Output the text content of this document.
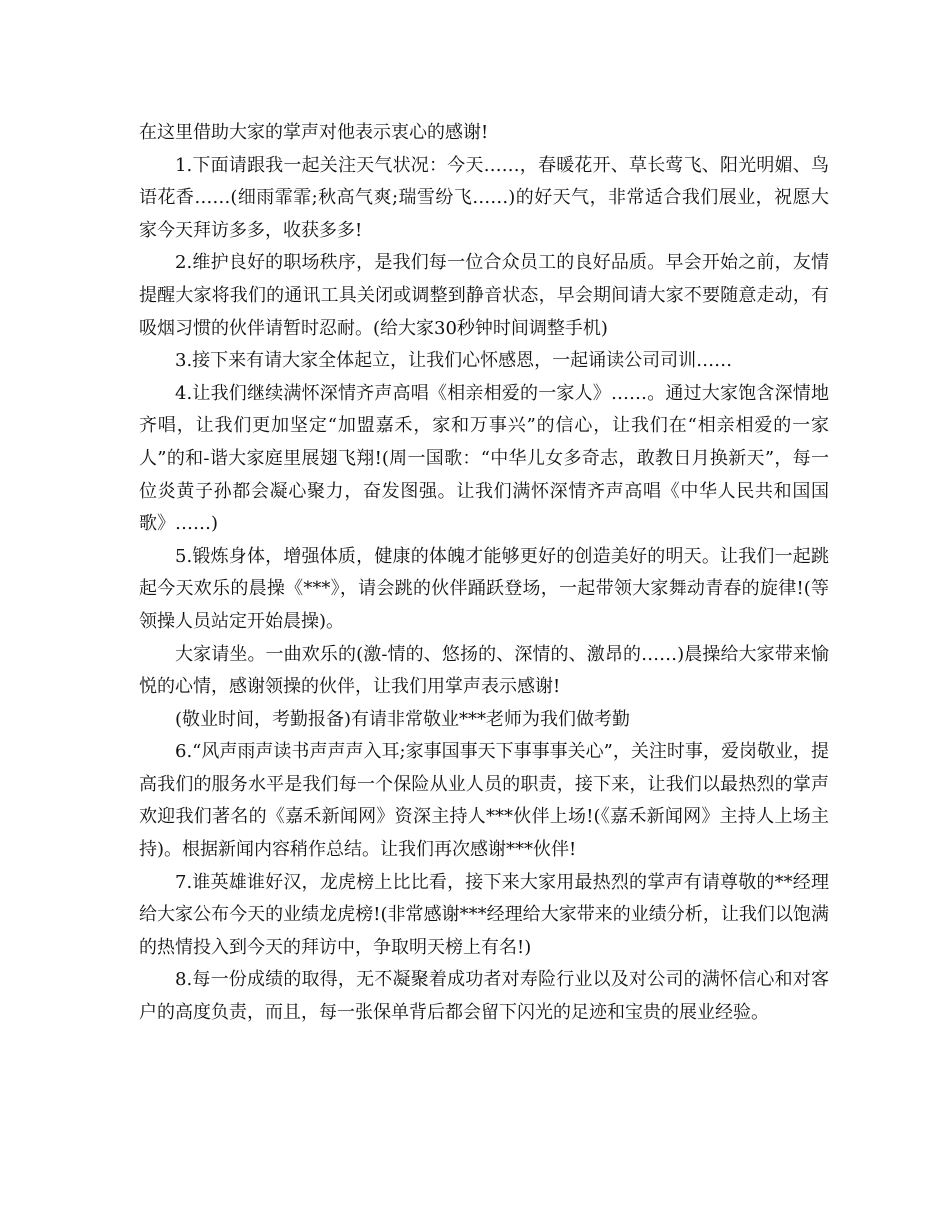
在这里借助大家的掌声对他表示衷心的感谢!

1.下面请跟我一起关注天气状况：今天……，春暖花开、草长莺飞、阳光明媚、鸟语花香……(细雨霏霏;秋高气爽;瑞雪纷飞……)的好天气，非常适合我们展业，祝愿大家今天拜访多多，收获多多!

2.维护良好的职场秩序，是我们每一位合众员工的良好品质。早会开始之前，友情提醒大家将我们的通讯工具关闭或调整到静音状态，早会期间请大家不要随意走动，有吸烟习惯的伙伴请暂时忍耐。(给大家30秒钟时间调整手机)

3.接下来有请大家全体起立，让我们心怀感恩，一起诵读公司司训……

4.让我们继续满怀深情齐声高唱《相亲相爱的一家人》……。通过大家饱含深情地齐唱，让我们更加坚定“加盟嘉禾，家和万事兴”的信心，让我们在“相亲相爱的一家人”的和-谐大家庭里展翅飞翔!(周一国歌：“中华儿女多奇志，敢教日月换新天”，每一位炎黄子孙都会凝心聚力，奋发图强。让我们满怀深情齐声高唱《中华人民共和国国歌》……)

5.锻炼身体，增强体质，健康的体魄才能够更好的创造美好的明天。让我们一起跳起今天欢乐的晨操《***》，请会跳的伙伴踊跃登场，一起带领大家舞动青春的旋律!(等领操人员站定开始晨操)。

大家请坐。一曲欢乐的(激-情的、悠扬的、深情的、激昂的……)晨操给大家带来愉悦的心情，感谢领操的伙伴，让我们用掌声表示感谢!

(敬业时间，考勤报备)有请非常敬业***老师为我们做考勤

6.“风声雨声读书声声声入耳;家事国事天下事事事关心”，关注时事，爱岗敬业，提高我们的服务水平是我们每一个保险从业人员的职责，接下来，让我们以最热烈的掌声欢迎我们著名的《嘉禾新闻网》资深主持人***伙伴上场!(《嘉禾新闻网》主持人上场主持)。根据新闻内容稍作总结。让我们再次感谢***伙伴!

7.谁英雄谁好汉，龙虎榜上比比看，接下来大家用最热烈的掌声有请尊敬的**经理给大家公布今天的业绩龙虎榜!(非常感谢***经理给大家带来的业绩分析，让我们以饱满的热情投入到今天的拜访中，争取明天榜上有名!)

8.每一份成绩的取得，无不凝聚着成功者对寿险行业以及对公司的满怀信心和对客户的高度负责，而且，每一张保单背后都会留下闪光的足迹和宝贵的展业经验。
